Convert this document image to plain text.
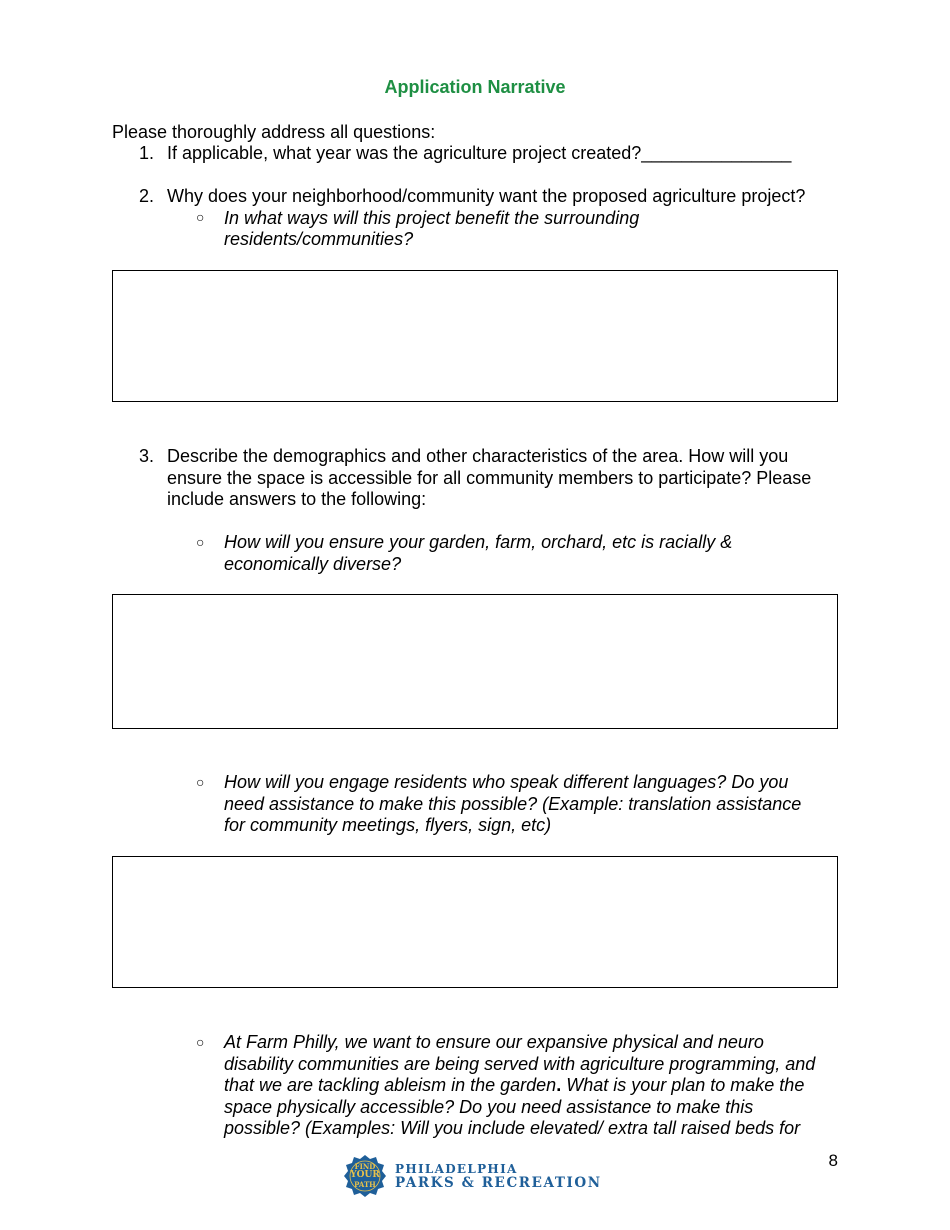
Application Narrative
Please thoroughly address all questions:
1. If applicable, what year was the agriculture project created?_______________
2. Why does your neighborhood/community want the proposed agriculture project?
○ In what ways will this project benefit the surrounding
residents/communities?
3. Describe the demographics and other characteristics of the area. How will you
ensure the space is accessible for all community members to participate? Please
include answers to the following:
○ How will you ensure your garden, farm, orchard, etc is racially &
economically diverse?
○ How will you engage residents who speak different languages? Do you
need assistance to make this possible? (Example: translation assistance
for community meetings, flyers, sign, etc)
○ At Farm Philly, we want to ensure our expansive physical and neuro
disability communities are being served with agriculture programming, and
that we are tackling ableism in the garden. What is your plan to make the
space physically accessible? Do you need assistance to make this
possible? (Examples: Will you include elevated/ extra tall raised beds for
8
FIND
YOUR
PATH
PHILADELPHIA
PARKS & RECREATION
